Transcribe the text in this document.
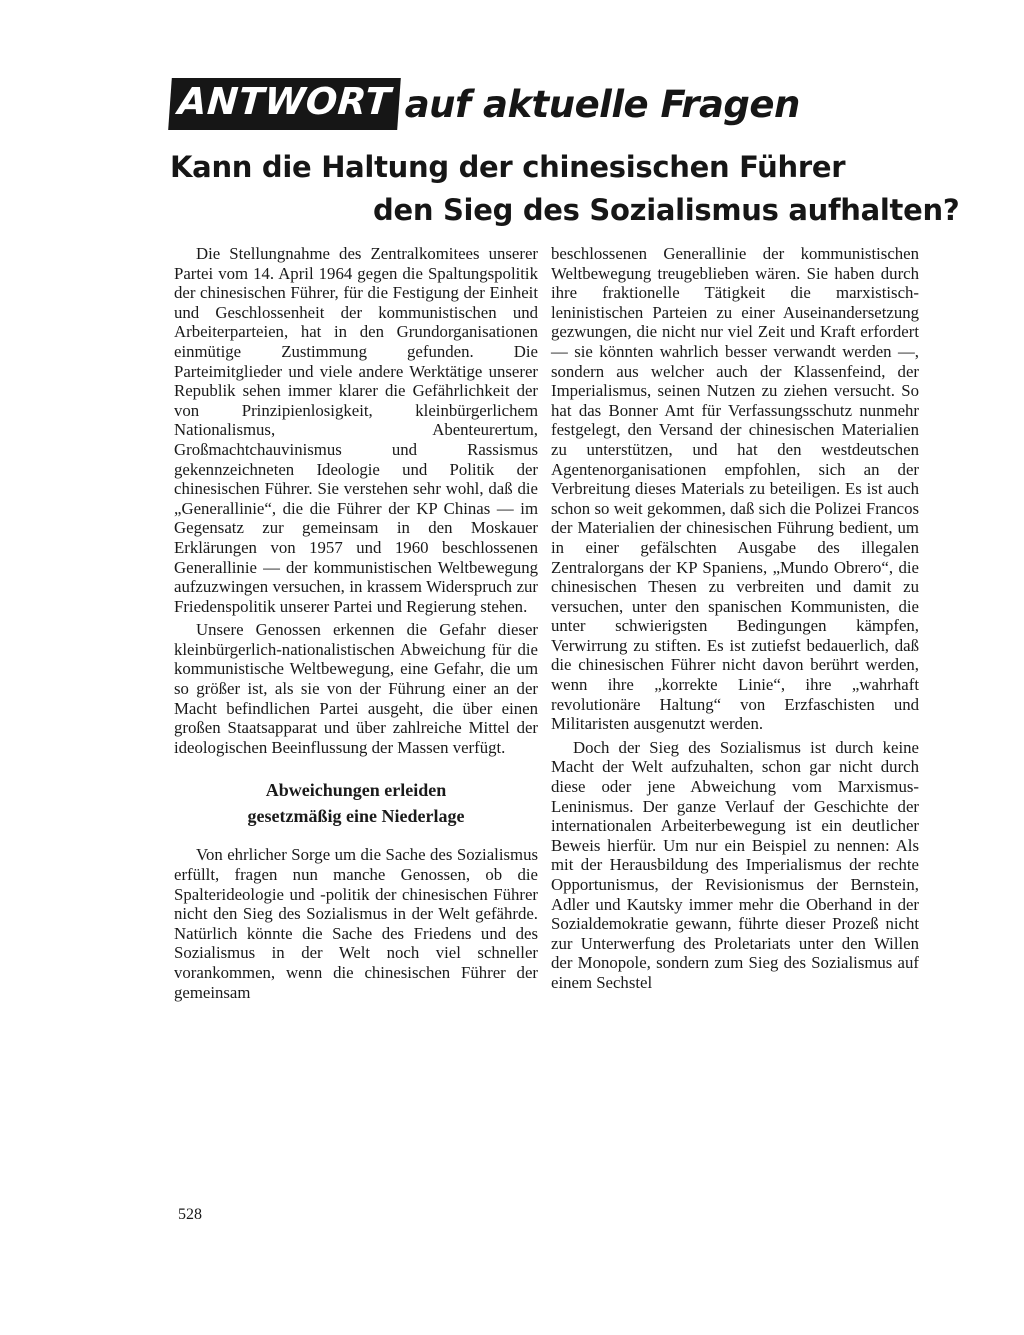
ANTWORT auf aktuelle Fragen
Kann die Haltung der chinesischen Führer
den Sieg des Sozialismus aufhalten?

Die Stellungnahme des Zentralkomitees unserer Partei vom 14. April 1964 gegen die Spaltungspolitik der chinesischen Führer, für die Festigung der Einheit und Geschlossenheit der kommunistischen und Arbeiterparteien, hat in den Grundorganisationen einmütige Zustimmung gefunden. Die Parteimitglieder und viele andere Werktätige unserer Republik sehen immer klarer die Gefährlichkeit der von Prinzipienlosigkeit, kleinbürgerlichem Nationalismus, Abenteurertum, Großmachtchauvinismus und Rassismus gekennzeichneten Ideologie und Politik der chinesischen Führer. Sie verstehen sehr wohl, daß die „Generallinie“, die die Führer der KP Chinas — im Gegensatz zur gemeinsam in den Moskauer Erklärungen von 1957 und 1960 beschlossenen Generallinie — der kommunistischen Weltbewegung aufzuzwingen versuchen, in krassem Widerspruch zur Friedenspolitik unserer Partei und Regierung stehen.

Unsere Genossen erkennen die Gefahr dieser kleinbürgerlich-nationalistischen Abweichung für die kommunistische Weltbewegung, eine Gefahr, die um so größer ist, als sie von der Führung einer an der Macht befindlichen Partei ausgeht, die über einen großen Staatsapparat und über zahlreiche Mittel der ideologischen Beeinflussung der Massen verfügt.

Abweichungen erleiden
gesetzmäßig eine Niederlage

Von ehrlicher Sorge um die Sache des Sozialismus erfüllt, fragen nun manche Genossen, ob die Spalterideologie und -politik der chinesischen Führer nicht den Sieg des Sozialismus in der Welt gefährde. Natürlich könnte die Sache des Friedens und des Sozialismus in der Welt noch viel schneller vorankommen, wenn die chinesischen Führer der gemeinsam

beschlossenen Generallinie der kommunistischen Weltbewegung treugeblieben wären. Sie haben durch ihre fraktionelle Tätigkeit die marxistisch-leninistischen Parteien zu einer Auseinandersetzung gezwungen, die nicht nur viel Zeit und Kraft erfordert — sie könnten wahrlich besser verwandt werden —, sondern aus welcher auch der Klassenfeind, der Imperialismus, seinen Nutzen zu ziehen versucht. So hat das Bonner Amt für Verfassungsschutz nunmehr festgelegt, den Versand der chinesischen Materialien zu unterstützen, und hat den westdeutschen Agentenorganisationen empfohlen, sich an der Verbreitung dieses Materials zu beteiligen. Es ist auch schon so weit gekommen, daß sich die Polizei Francos der Materialien der chinesischen Führung bedient, um in einer gefälschten Ausgabe des illegalen Zentralorgans der KP Spaniens, „Mundo Obrero“, die chinesischen Thesen zu verbreiten und damit zu versuchen, unter den spanischen Kommunisten, die unter schwierigsten Bedingungen kämpfen, Verwirrung zu stiften. Es ist zutiefst bedauerlich, daß die chinesischen Führer nicht davon berührt werden, wenn ihre „korrekte Linie“, ihre „wahrhaft revolutionäre Haltung“ von Erzfaschisten und Militaristen ausgenutzt werden.

Doch der Sieg des Sozialismus ist durch keine Macht der Welt aufzuhalten, schon gar nicht durch diese oder jene Abweichung vom Marxismus-Leninismus. Der ganze Verlauf der Geschichte der internationalen Arbeiterbewegung ist ein deutlicher Beweis hierfür. Um nur ein Beispiel zu nennen: Als mit der Herausbildung des Imperialismus der rechte Opportunismus, der Revisionismus der Bernstein, Adler und Kautsky immer mehr die Oberhand in der Sozialdemokratie gewann, führte dieser Prozeß nicht zur Unterwerfung des Proletariats unter den Willen der Monopole, sondern zum Sieg des Sozialismus auf einem Sechstel

528
